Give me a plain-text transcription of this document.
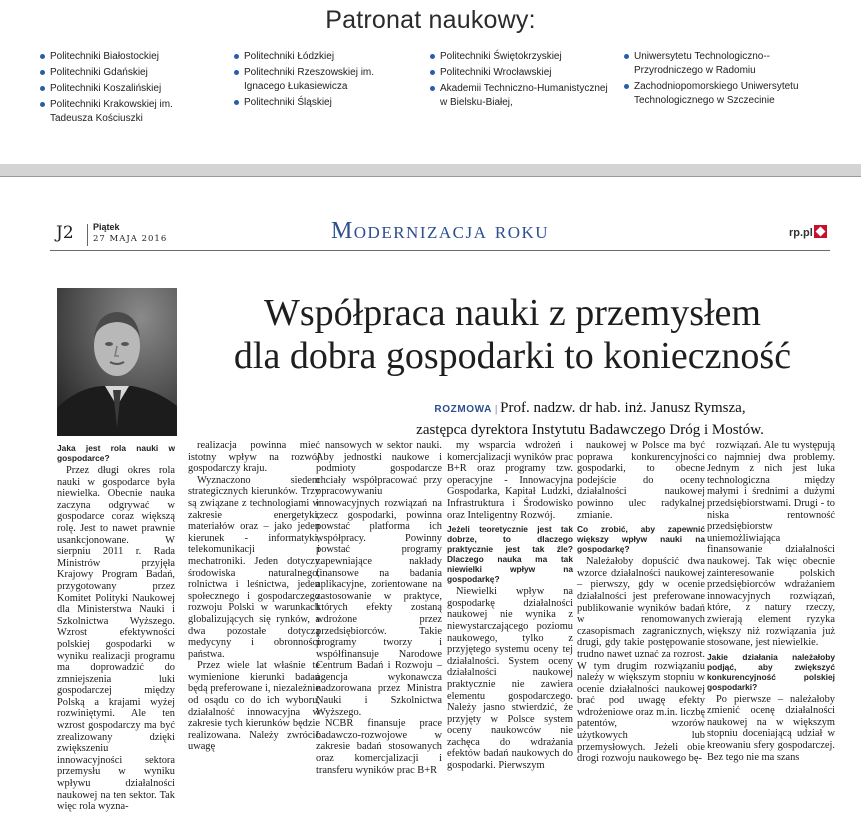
Patronat naukowy:
Politechniki Białostockiej
Politechniki Gdańskiej
Politechniki Koszalińskiej
Politechniki Krakowskiej im. Tadeusza Kościuszki
Politechniki Łódzkiej
Politechniki Rzeszowskiej im. Ignacego Łukasiewicza
Politechniki Śląskiej
Politechniki Świętokrzyskiej
Politechniki Wrocławskiej
Akademii Techniczno-Humanistycznej w Bielsku-Białej,
Uniwersytetu Technologiczno--Przyrodniczego w Radomiu
Zachodniopomorskiego Uniwersytetu Technologicznego w Szczecinie
J2 Piątek
27 MAJA 2016	Modernizacja roku	rp.pl
Współpraca nauki z przemysłem
dla dobra gospodarki to konieczność
ROZMOWA | Prof. nadzw. dr hab. inż. Janusz Rymsza,
zastępca dyrektora Instytutu Badawczego Dróg i Mostów.

Jaka jest rola nauki w gospodarce?

Przez długi okres rola nauki w gospodarce była niewielka. Obecnie nauka zaczyna odgrywać w gospodarce coraz większą rolę. Jest to nawet prawnie usankcjonowane. W sierpniu 2011 r. Rada Ministrów przyjęła Krajowy Program Badań, przygotowany przez Komitet Polityki Naukowej dla Ministerstwa Nauki i Szkolnictwa Wyższego. Wzrost efektywności polskiej gospodarki w wyniku realizacji programu ma doprowadzić do zmniejszenia luki gospodarczej między Polską a krajami wyżej rozwiniętymi. Ale ten wzrost gospodarczy ma być zrealizowany dzięki zwiększeniu innowacyjności sektora przemysłu w wyniku wpływu działalności naukowej na ten sektor. Tak więc rola wyzna-

realizacja powinna mieć istotny wpływ na rozwój gospodarczy kraju.

Wyznaczono siedem strategicznych kierunków. Trzy są związane z technologiami w zakresie energetyki, materiałów oraz – jako jeden kierunek - informatyki, telekomunikacji i mechatroniki. Jeden dotyczy środowiska naturalnego, rolnictwa i leśnictwa, jeden społecznego i gospodarczego rozwoju Polski w warunkach globalizujących się rynków, a dwa pozostałe dotyczą medycyny i obronności państwa.

Przez wiele lat właśnie te wymienione kierunki badań będą preferowane i, niezależnie od osądu co do ich wyboru, działalność innowacyjna w zakresie tych kierunków będzie realizowana. Należy zwrócić uwagę

nansowych w sektor nauki. Aby jednostki naukowe i podmioty gospodarcze chciały współpracować przy opracowywaniu innowacyjnych rozwiązań na rzecz gospodarki, powinna powstać platforma ich współpracy. Powinny powstać programy zapewniające nakłady finansowe na badania aplikacyjne, zorientowane na zastosowanie w praktyce, których efekty zostaną wdrożone przez przedsiębiorców. Takie programy tworzy i współfinansuje Narodowe Centrum Badań i Rozwoju – agencja wykonawcza nadzorowana przez Ministra Nauki i Szkolnictwa Wyższego.

NCBR finansuje prace badawczo-rozwojowe w zakresie badań stosowanych oraz komercjalizacji i transferu wyników prac B+R

my wsparcia wdrożeń i komercjalizacji wyników prac B+R oraz programy tzw. operacyjne - Innowacyjna Gospodarka, Kapitał Ludzki, Infrastruktura i Środowisko oraz Inteligentny Rozwój.

Jeżeli teoretycznie jest tak dobrze, to dlaczego praktycznie jest tak źle? Dlaczego nauka ma tak niewielki wpływ na gospodarkę?

Niewielki wpływ na gospodarkę działalności naukowej nie wynika z niewystarczającego poziomu naukowego, tylko z przyjętego systemu oceny tej działalności. System oceny działalności naukowej praktycznie nie zawiera elementu gospodarczego. Należy jasno stwierdzić, że przyjęty w Polsce system oceny naukowców nie zachęca do wdrażania efektów badań naukowych do gospodarki. Pierwszym

naukowej w Polsce ma być poprawa konkurencyjności gospodarki, to obecne podejście do oceny działalności naukowej powinno ulec radykalnej zmianie.

Co zrobić, aby zapewnić większy wpływ nauki na gospodarkę?

Należałoby dopuścić dwa wzorce działalności naukowej – pierwszy, gdy w ocenie działalności jest preferowane publikowanie wyników badań w renomowanych czasopismach zagranicznych, drugi, gdy takie postępowanie trudno nawet uznać za rozrost. W tym drugim rozwiązaniu należy w większym stopniu w ocenie działalności naukowej brać pod uwagę efekty wdrożeniowe oraz m.in. liczbę patentów, wzorów użytkowych lub przemysłowych. Jeżeli obie drogi rozwoju naukowego bę-

rozwiązań. Ale tu występują co najmniej dwa problemy. Jednym z nich jest luka technologiczna między małymi i średnimi a dużymi przedsiębiorstwami. Drugi - to niska rentowność przedsiębiorstw uniemożliwiająca finansowanie działalności naukowej. Tak więc obecnie zainteresowanie polskich przedsiębiorców wdrażaniem innowacyjnych rozwiązań, które, z natury rzeczy, zwierają element ryzyka większy niż rozwiązania już stosowane, jest niewielkie.

Jakie działania należałoby podjąć, aby zwiększyć konkurencyjność polskiej gospodarki?

Po pierwsze – należałoby zmienić ocenę działalności naukowej na w większym stopniu doceniającą udział w kreowaniu sfery gospodarczej. Bez tego nie ma szans
